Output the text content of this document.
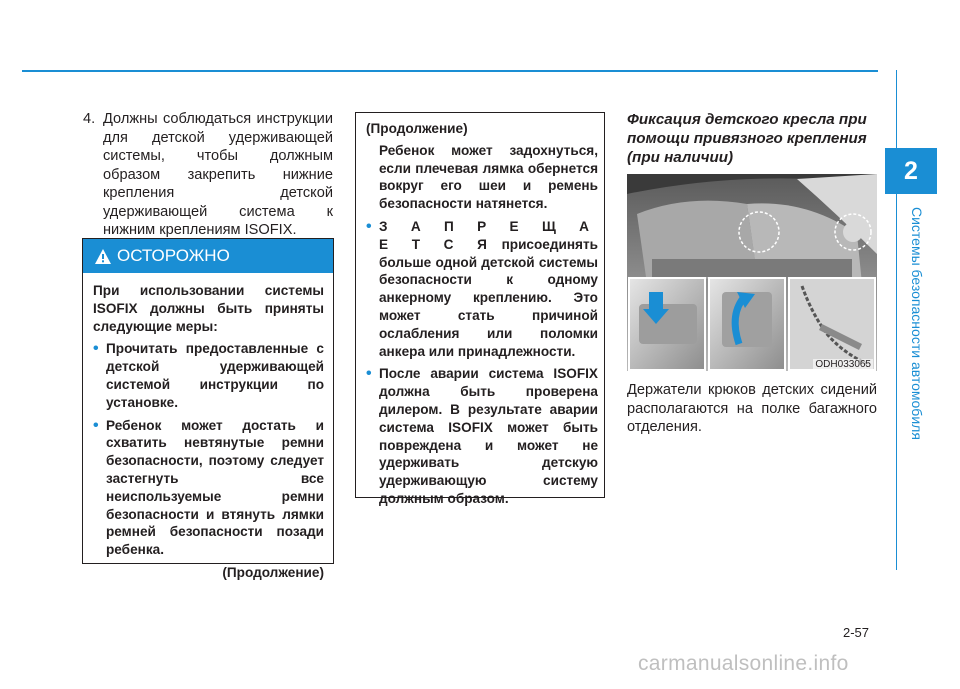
2
Системы безопасности автомобиля
4. Должны соблюдаться инструкции для детской удерживающей системы, чтобы должным образом закрепить нижние крепления детской удерживающей система к нижним креплениям ISOFIX.
ОСТОРОЖНО

При использовании системы ISOFIX должны быть приняты следующие меры:

• Прочитать предоставленные с детской удерживающей системой инструкции по установке.
• Ребенок может достать и схватить невтянутые ремни безопасности, поэтому следует застегнуть все неиспользуемые ремни безопасности и втянуть лямки ремней безопасности позади ребенка.
(Продолжение)

(Продолжение)

Ребенок может задохнуться, если плечевая лямка обернется вокруг его шеи и ремень безопасности натянется.
• З А П Р Е Щ А Е Т С Я присоединять больше одной детской системы безопасности к одному анкерному креплению. Это может стать причиной ослабления или поломки анкера или принадлежности.
• После аварии система ISOFIX должна быть проверена дилером. В результате аварии система ISOFIX может быть повреждена и может не удерживать детскую удерживающую систему должным образом.
Фиксация детского кресла при помощи привязного крепления (при наличии)
ODH033065
Держатели крюков детских сидений располагаются на полке багажного отделения.
2-57
carmanualsonline.info
